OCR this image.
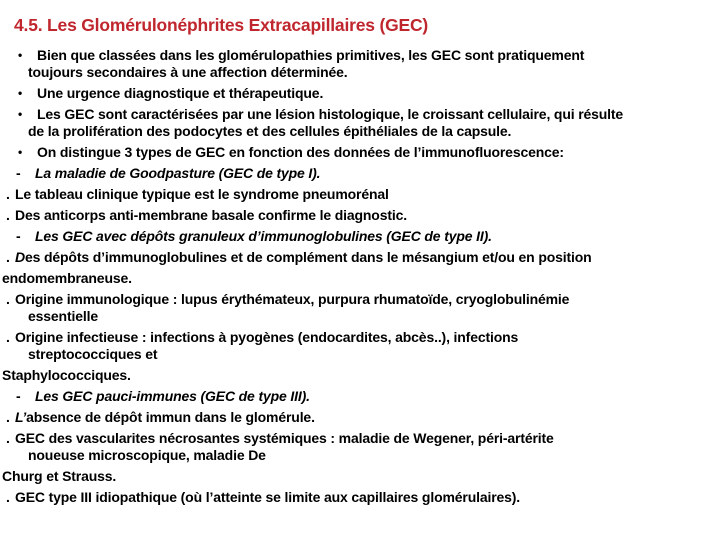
4.5. Les Glomérulonéphrites Extracapillaires (GEC)
• Bien que classées dans les glomérulopathies primitives, les GEC sont pratiquement
toujours secondaires à une affection déterminée.
• Une urgence diagnostique et thérapeutique.
• Les GEC sont caractérisées par une lésion histologique, le croissant cellulaire, qui résulte
de la prolifération des podocytes et des cellules épithéliales de la capsule.
• On distingue 3 types de GEC en fonction des données de l’immunofluorescence:
- La maladie de Goodpasture (GEC de type I).
. Le tableau clinique typique est le syndrome pneumorénal
. Des anticorps anti-membrane basale confirme le diagnostic.
- Les GEC avec dépôts granuleux d’immunoglobulines (GEC de type II).
. Des dépôts d’immunoglobulines et de complément dans le mésangium et/ou en position
endomembraneuse.
. Origine immunologique : lupus érythémateux, purpura rhumatoïde, cryoglobulinémie
essentielle
. Origine infectieuse : infections à pyogènes (endocardites, abcès..), infections
streptococciques et
Staphylococciques.
- Les GEC pauci-immunes (GEC de type III).
. L’absence de dépôt immun dans le glomérule.
. GEC des vascularites nécrosantes systémiques : maladie de Wegener, péri-artérite
noueuse microscopique, maladie De
Churg et Strauss.
. GEC type III idiopathique (où l’atteinte se limite aux capillaires glomérulaires).
